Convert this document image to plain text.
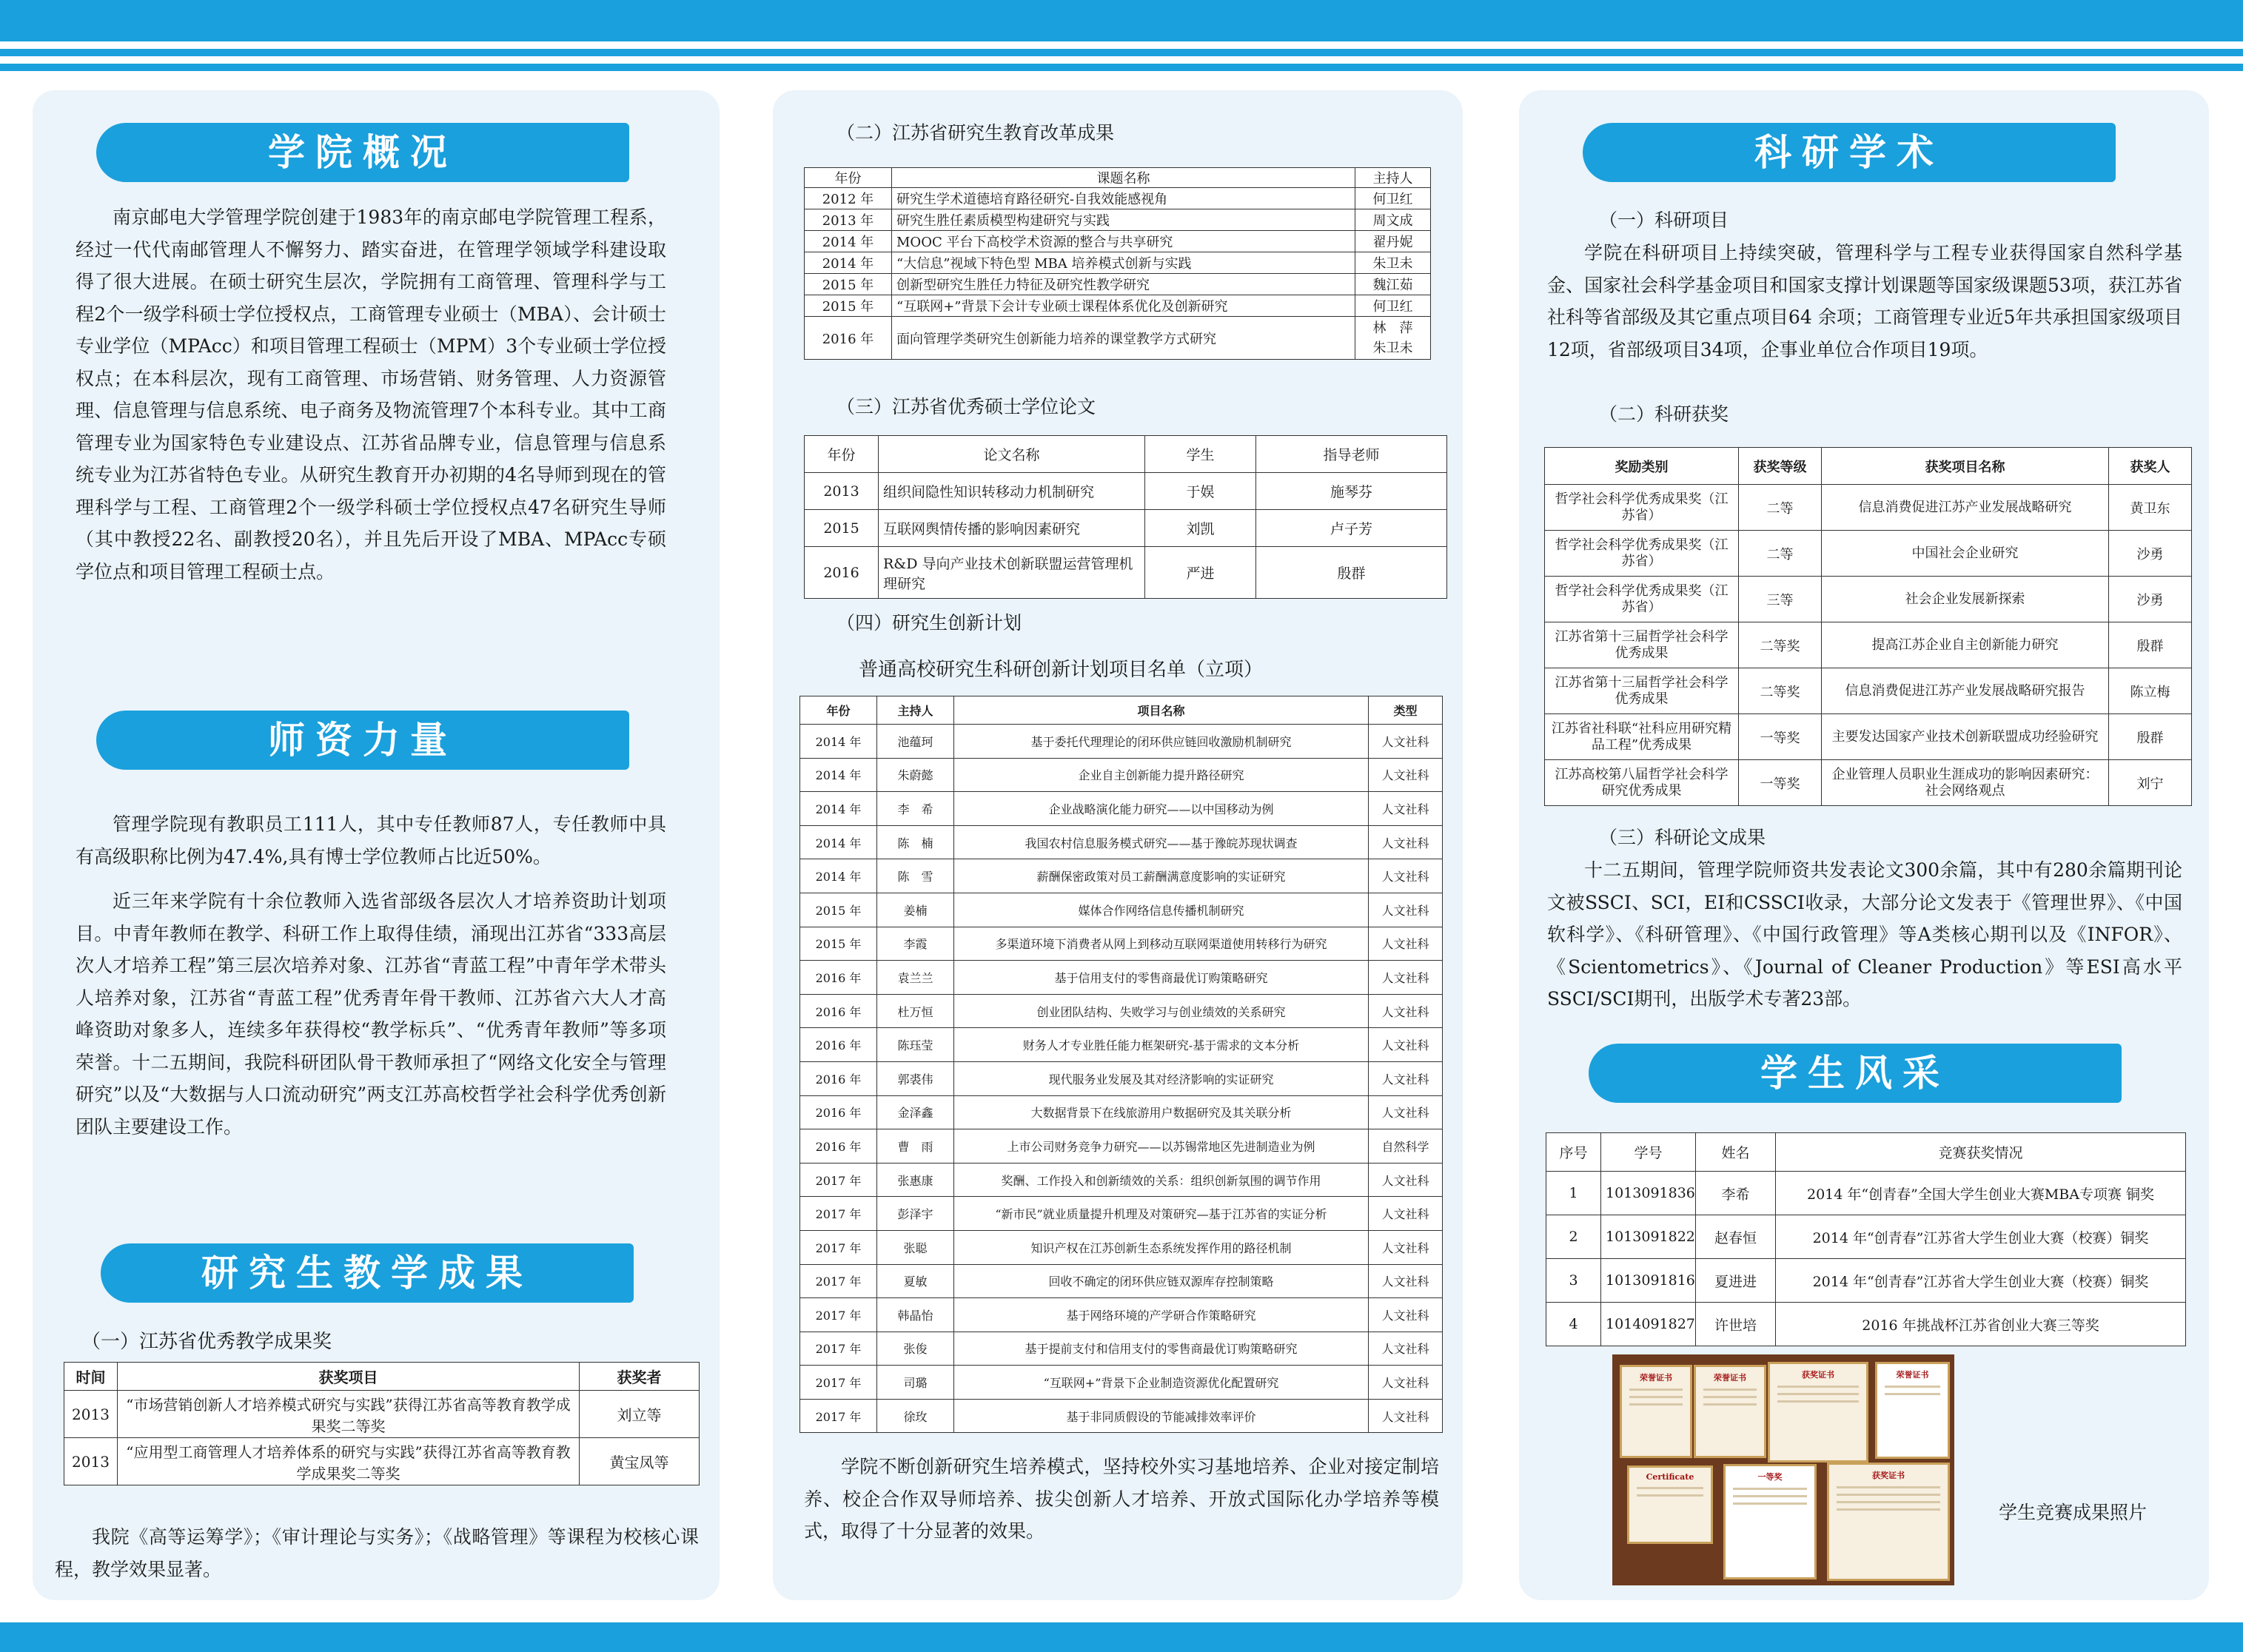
学院概况

南京邮电大学管理学院创建于1983年的南京邮电学院管理工程系，经过一代代南邮管理人不懈努力、踏实奋进，在管理学领域学科建设取得了很大进展。在硕士研究生层次，学院拥有工商管理、管理科学与工程2个一级学科硕士学位授权点，工商管理专业硕士（MBA）、会计硕士专业学位（MPAcc）和项目管理工程硕士（MPM）3个专业硕士学位授权点；在本科层次，现有工商管理、市场营销、财务管理、人力资源管理、信息管理与信息系统、电子商务及物流管理7个本科专业。其中工商管理专业为国家特色专业建设点、江苏省品牌专业，信息管理与信息系统专业为江苏省特色专业。从研究生教育开办初期的4名导师到现在的管理科学与工程、工商管理2个一级学科硕士学位授权点47名研究生导师（其中教授22名、副教授20名），并且先后开设了MBA、MPAcc专硕学位点和项目管理工程硕士点。

师资力量

管理学院现有教职员工111人，其中专任教师87人，专任教师中具有高级职称比例为47.4%,具有博士学位教师占比近50%。

近三年来学院有十余位教师入选省部级各层次人才培养资助计划项目。中青年教师在教学、科研工作上取得佳绩，涌现出江苏省“333高层次人才培养工程”第三层次培养对象、江苏省“青蓝工程”中青年学术带头人培养对象，江苏省“青蓝工程”优秀青年骨干教师、江苏省六大人才高峰资助对象多人，连续多年获得校“教学标兵”、“优秀青年教师”等多项荣誉。十二五期间，我院科研团队骨干教师承担了“网络文化安全与管理研究”以及“大数据与人口流动研究”两支江苏高校哲学社会科学优秀创新团队主要建设工作。

研究生教学成果

（一）江苏省优秀教学成果奖

时间	获奖项目	获奖者
2013	“市场营销创新人才培养模式研究与实践”获得江苏省高等教育教学成果奖二等奖	刘立等
2013	“应用型工商管理人才培养体系的研究与实践”获得江苏省高等教育教学成果奖二等奖	黄宝凤等

我院《高等运筹学》；《审计理论与实务》；《战略管理》等课程为校核心课程，教学效果显著。

（二）江苏省研究生教育改革成果

年份	课题名称	主持人
2012 年	研究生学术道德培育路径研究-自我效能感视角	何卫红
2013 年	研究生胜任素质模型构建研究与实践	周文成
2014 年	MOOC 平台下高校学术资源的整合与共享研究	翟丹妮
2014 年	“大信息”视域下特色型 MBA 培养模式创新与实践	朱卫未
2015 年	创新型研究生胜任力特征及研究性教学研究	魏江茹
2015 年	“互联网+”背景下会计专业硕士课程体系优化及创新研究	何卫红
2016 年	面向管理学类研究生创新能力培养的课堂教学方式研究	林　萍
朱卫未

（三）江苏省优秀硕士学位论文

年份	论文名称	学生	指导老师
2013	组织间隐性知识转移动力机制研究	于娱	施琴芬
2015	互联网舆情传播的影响因素研究	刘凯	卢子芳
2016	R&D 导向产业技术创新联盟运营管理机理研究	严进	殷群

（四）研究生创新计划

普通高校研究生科研创新计划项目名单（立项）

年份	主持人	项目名称	类型
2014 年	池蕴珂	基于委托代理理论的闭环供应链回收激励机制研究	人文社科
2014 年	朱蔚懿	企业自主创新能力提升路径研究	人文社科
2014 年	李　希	企业战略演化能力研究——以中国移动为例	人文社科
2014 年	陈　楠	我国农村信息服务模式研究——基于豫皖苏现状调查	人文社科
2014 年	陈　雪	薪酬保密政策对员工薪酬满意度影响的实证研究	人文社科
2015 年	姜楠	媒体合作网络信息传播机制研究	人文社科
2015 年	李霞	多渠道环境下消费者从网上到移动互联网渠道使用转移行为研究	人文社科
2016 年	袁兰兰	基于信用支付的零售商最优订购策略研究	人文社科
2016 年	杜万恒	创业团队结构、失败学习与创业绩效的关系研究	人文社科
2016 年	陈珏莹	财务人才专业胜任能力框架研究-基于需求的文本分析	人文社科
2016 年	郭裘伟	现代服务业发展及其对经济影响的实证研究	人文社科
2016 年	金泽鑫	大数据背景下在线旅游用户数据研究及其关联分析	人文社科
2016 年	曹　雨	上市公司财务竞争力研究——以苏锡常地区先进制造业为例	自然科学
2017 年	张惠康	奖酬、工作投入和创新绩效的关系：组织创新氛围的调节作用	人文社科
2017 年	彭泽宇	“新市民”就业质量提升机理及对策研究—基于江苏省的实证分析	人文社科
2017 年	张聪	知识产权在江苏创新生态系统发挥作用的路径机制	人文社科
2017 年	夏敏	回收不确定的闭环供应链双源库存控制策略	人文社科
2017 年	韩晶怡	基于网络环境的产学研合作策略研究	人文社科
2017 年	张俊	基于提前支付和信用支付的零售商最优订购策略研究	人文社科
2017 年	司璐	“互联网+”背景下企业制造资源优化配置研究	人文社科
2017 年	徐玫	基于非同质假设的节能减排效率评价	人文社科

学院不断创新研究生培养模式，坚持校外实习基地培养、企业对接定制培养、校企合作双导师培养、拔尖创新人才培养、开放式国际化办学培养等模式，取得了十分显著的效果。

科研学术

（一）科研项目

学院在科研项目上持续突破，管理科学与工程专业获得国家自然科学基金、国家社会科学基金项目和国家支撑计划课题等国家级课题53项，获江苏省社科等省部级及其它重点项目64 余项；工商管理专业近5年共承担国家级项目12项，省部级项目34项，企事业单位合作项目19项。

（二）科研获奖

奖励类别	获奖等级	获奖项目名称	获奖人
哲学社会科学优秀成果奖（江苏省）	二等	信息消费促进江苏产业发展战略研究	黄卫东
哲学社会科学优秀成果奖（江苏省）	二等	中国社会企业研究	沙勇
哲学社会科学优秀成果奖（江苏省）	三等	社会企业发展新探索	沙勇
江苏省第十三届哲学社会科学优秀成果	二等奖	提高江苏企业自主创新能力研究	殷群
江苏省第十三届哲学社会科学优秀成果	二等奖	信息消费促进江苏产业发展战略研究报告	陈立梅
江苏省社科联“社科应用研究精品工程”优秀成果	一等奖	主要发达国家产业技术创新联盟成功经验研究	殷群
江苏高校第八届哲学社会科学研究优秀成果	一等奖	企业管理人员职业生涯成功的影响因素研究：社会网络观点	刘宁

（三）科研论文成果

十二五期间，管理学院师资共发表论文300余篇，其中有280余篇期刊论文被SSCI、SCI，EI和CSSCI收录，大部分论文发表于《管理世界》、《中国软科学》、《科研管理》、《中国行政管理》等A类核心期刊以及《INFOR》、《Scientometrics》、《Journal of Cleaner Production》等ESI高水平SSCI/SCI期刊，出版学术专著23部。

学生风采
序号	学号	姓名	竞赛获奖情况
1	1013091836	李希	2014 年“创青春”全国大学生创业大赛MBA专项赛 铜奖
2	1013091822	赵春恒	2014 年“创青春”江苏省大学生创业大赛（校赛）铜奖
3	1013091816	夏进进	2014 年“创青春”江苏省大学生创业大赛（校赛）铜奖
4	1014091827	许世培	2016 年挑战杯江苏省创业大赛三等奖
荣誉证书	荣誉证书	获奖证书
Certificate	一等奖	获奖证书
荣誉证书

学生竞赛成果照片
